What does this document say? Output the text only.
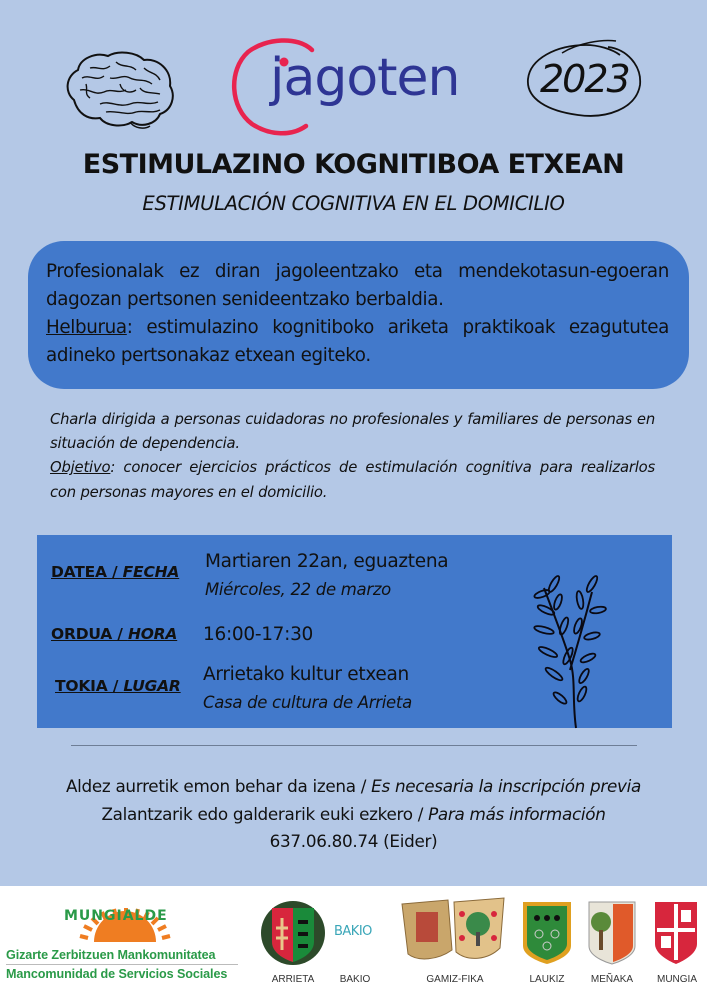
jagoten 2023
ESTIMULAZINO KOGNITIBOA ETXEAN
ESTIMULACIÓN COGNITIVA EN EL DOMICILIO
Profesionalak ez diran jagoleentzako eta mendekotasun-egoeran dagozan pertsonen senideentzako berbaldia.
Helburua: estimulazino kognitiboko ariketa praktikoak ezagututea adineko pertsonakaz etxean egiteko.
Charla dirigida a personas cuidadoras no profesionales y familiares de personas en situación de dependencia.
Objetivo: conocer ejercicios prácticos de estimulación cognitiva para realizarlos con personas mayores en el domicilio.
DATEA / FECHA Martiaren 22an, eguaztena
Miércoles, 22 de marzo
ORDUA / HORA 16:00-17:30
TOKIA / LUGAR
Arrietako kultur etxean
Casa de cultura de Arrieta
Aldez aurretik emon behar da izena / Es necesaria la inscripción previa
Zalantzarik edo galderarik euki ezkero / Para más información
637.06.80.74 (Eider)
MUNGIALDE
Gizarte Zerbitzuen Mankomunitatea
Mancomunidad de Servicios Sociales
BAKIO
ARRIETA	BAKIO	GAMIZ-FIKA	LAUKIZ	MEÑAKA	MUNGIA
